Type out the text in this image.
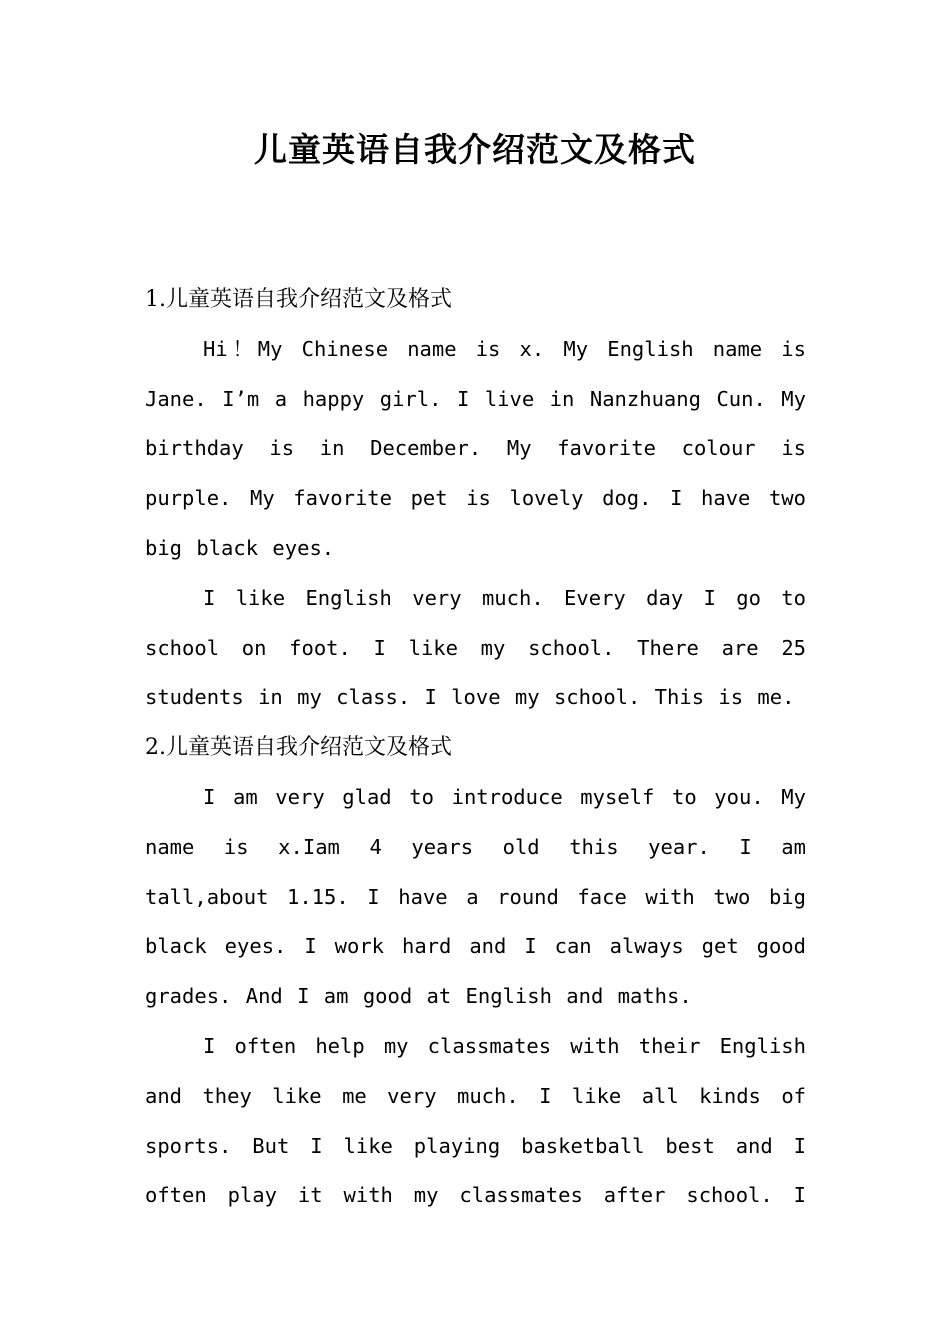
儿童英语自我介绍范文及格式

1.儿童英语自我介绍范文及格式

Hi！My Chinese name is x. My English name is Jane. I’m a happy girl. I live in Nanzhuang Cun. My birthday is in December. My favorite colour is purple. My favorite pet is lovely dog. I have two big black eyes.

I like English very much. Every day I go to school on foot. I like my school. There are 25 students in my class. I love my school. This is me.

2.儿童英语自我介绍范文及格式

I am very glad to introduce myself to you. My name is x.Iam 4 years old this year. I am tall,about 1.15. I have a round face with two big black eyes. I work hard and I can always get good grades. And I am good at English and maths.

I often help my classmates with their English and they like me very much. I like all kinds of sports. But I like playing basketball best and I often play it with my classmates after school. I
